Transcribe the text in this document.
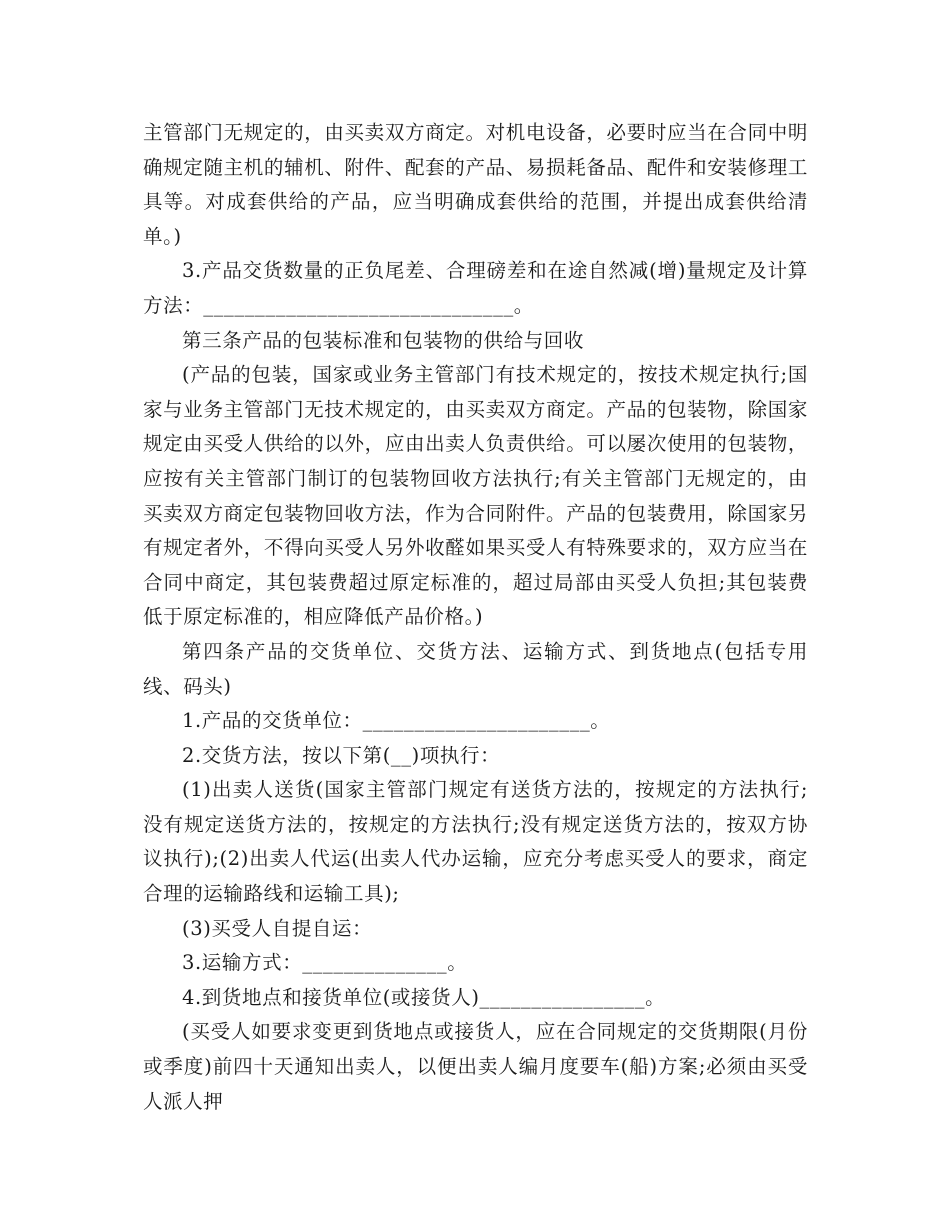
主管部门无规定的，由买卖双方商定。对机电设备，必要时应当在合同中明确规定随主机的辅机、附件、配套的产品、易损耗备品、配件和安装修理工具等。对成套供给的产品，应当明确成套供给的范围，并提出成套供给清单。)

3.产品交货数量的正负尾差、合理磅差和在途自然减(增)量规定及计算方法：______________________________。

第三条产品的包装标准和包装物的供给与回收

(产品的包装，国家或业务主管部门有技术规定的，按技术规定执行;国家与业务主管部门无技术规定的，由买卖双方商定。产品的包装物，除国家规定由买受人供给的以外，应由出卖人负责供给。可以屡次使用的包装物，应按有关主管部门制订的包装物回收方法执行;有关主管部门无规定的，由买卖双方商定包装物回收方法，作为合同附件。产品的包装费用，除国家另有规定者外，不得向买受人另外收醛如果买受人有特殊要求的，双方应当在合同中商定，其包装费超过原定标准的，超过局部由买受人负担;其包装费低于原定标准的，相应降低产品价格。)

第四条产品的交货单位、交货方法、运输方式、到货地点(包括专用线、码头)

1.产品的交货单位：______________________。

2.交货方法，按以下第(__)项执行：

(1)出卖人送货(国家主管部门规定有送货方法的，按规定的方法执行;没有规定送货方法的，按规定的方法执行;没有规定送货方法的，按双方协议执行);(2)出卖人代运(出卖人代办运输，应充分考虑买受人的要求，商定合理的运输路线和运输工具);

(3)买受人自提自运：

3.运输方式：______________。

4.到货地点和接货单位(或接货人)________________。

(买受人如要求变更到货地点或接货人，应在合同规定的交货期限(月份或季度)前四十天通知出卖人，以便出卖人编月度要车(船)方案;必须由买受人派人押
